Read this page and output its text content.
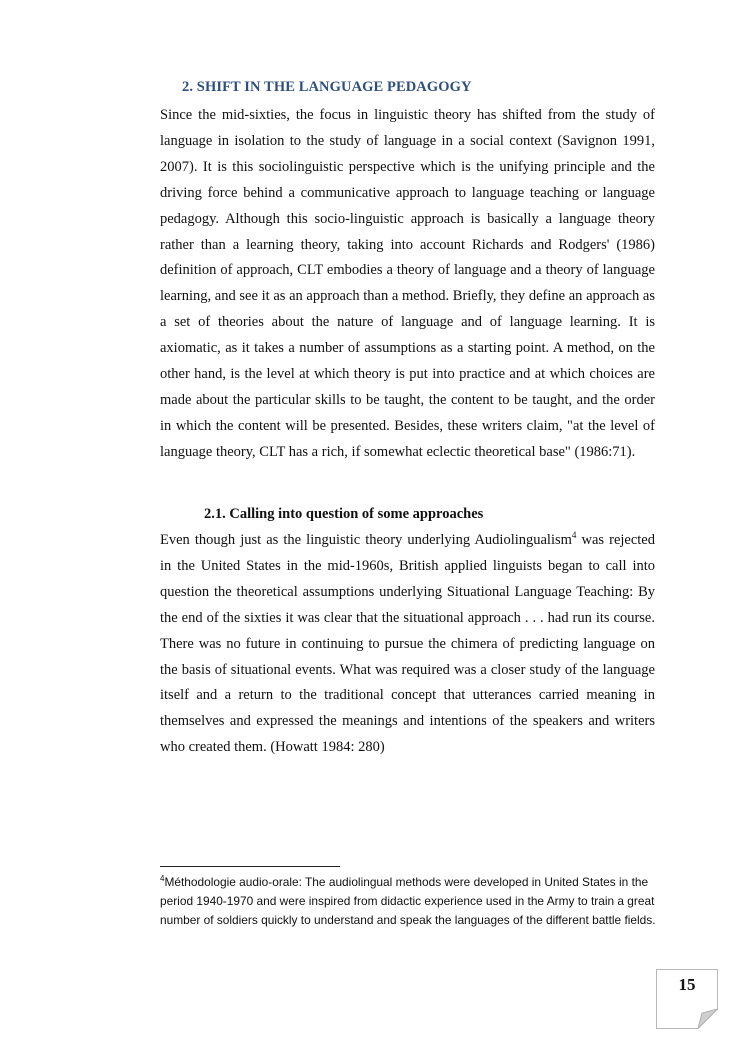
2. SHIFT IN THE LANGUAGE PEDAGOGY

Since the mid-sixties, the focus in linguistic theory has shifted from the study of language in isolation to the study of language in a social context (Savignon 1991, 2007). It is this sociolinguistic perspective which is the unifying principle and the driving force behind a communicative approach to language teaching or language pedagogy. Although this socio-linguistic approach is basically a language theory rather than a learning theory, taking into account Richards and Rodgers' (1986) definition of approach, CLT embodies a theory of language and a theory of language learning, and see it as an approach than a method. Briefly, they define an approach as a set of theories about the nature of language and of language learning. It is axiomatic, as it takes a number of assumptions as a starting point. A method, on the other hand, is the level at which theory is put into practice and at which choices are made about the particular skills to be taught, the content to be taught, and the order in which the content will be presented. Besides, these writers claim, "at the level of language theory, CLT has a rich, if somewhat eclectic theoretical base" (1986:71).

2.1. Calling into question of some approaches

Even though just as the linguistic theory underlying Audiolingualism$^4$ was rejected in the United States in the mid-1960s, British applied linguists began to call into question the theoretical assumptions underlying Situational Language Teaching: By the end of the sixties it was clear that the situational approach . . . had run its course. There was no future in continuing to pursue the chimera of predicting language on the basis of situational events. What was required was a closer study of the language itself and a return to the traditional concept that utterances carried meaning in themselves and expressed the meanings and intentions of the speakers and writers who created them. (Howatt 1984: 280)

$^4$Méthodologie audio-orale: The audiolingual methods were developed in United States in the period 1940-1970 and were inspired from didactic experience used in the Army to train a great number of soldiers quickly to understand and speak the languages of the different battle fields.

15
